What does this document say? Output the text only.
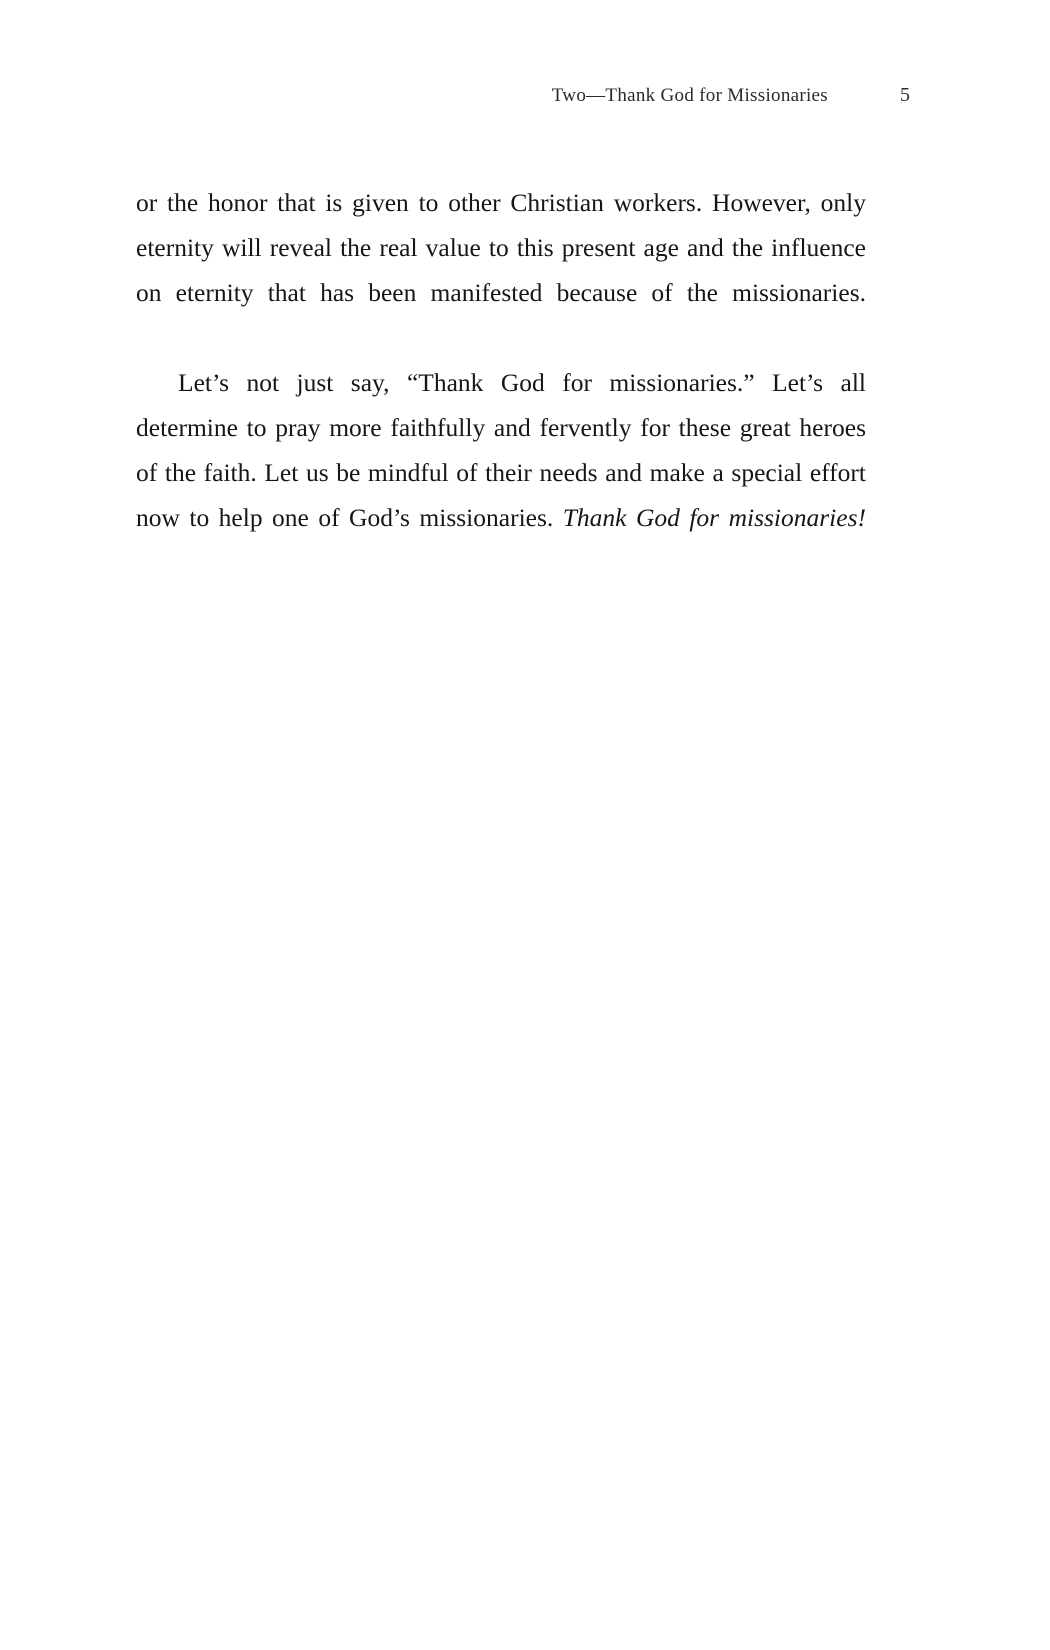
Two—Thank God for Missionaries	5

or the honor that is given to other Christian workers. However, only eternity will reveal the real value to this present age and the influence on eternity that has been manifested because of the missionaries.

Let’s not just say, “Thank God for missionaries.” Let’s all determine to pray more faithfully and fervently for these great heroes of the faith. Let us be mindful of their needs and make a special effort now to help one of God’s missionaries. Thank God for missionaries!
